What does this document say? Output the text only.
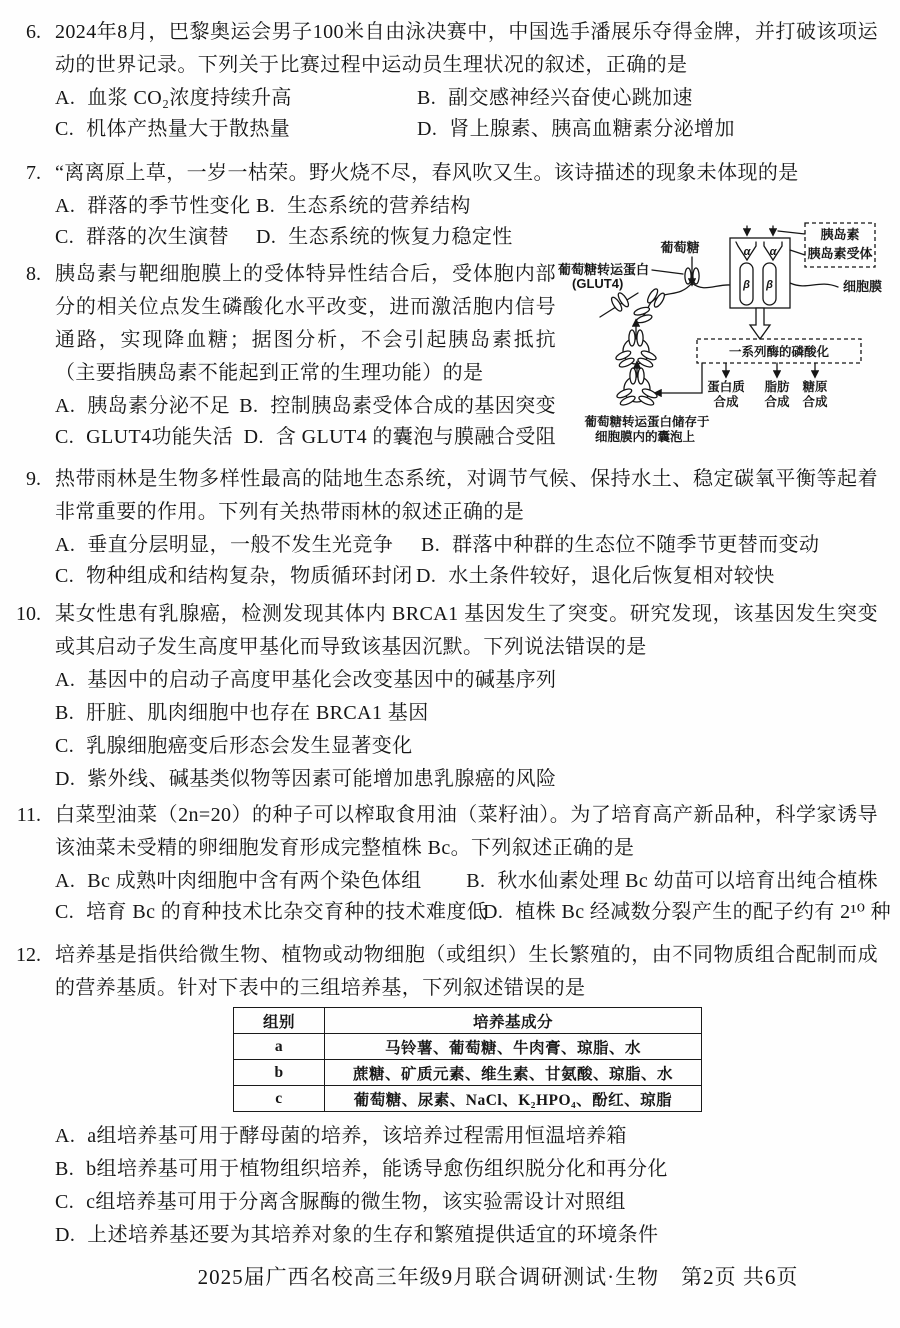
6. 2024年8月，巴黎奥运会男子100米自由泳决赛中，中国选手潘展乐夺得金牌，并打破该项运动的世界记录。下列关于比赛过程中运动员生理状况的叙述，正确的是
A. 血浆 CO₂浓度持续升高	B. 副交感神经兴奋使心跳加速
C. 机体产热量大于散热量	D. 肾上腺素、胰高血糖素分泌增加
7. “离离原上草，一岁一枯荣。野火烧不尽，春风吹又生。该诗描述的现象未体现的是
A. 群落的季节性变化 B. 生态系统的营养结构
C. 群落的次生演替 D. 生态系统的恢复力稳定性
8. 胰岛素与靶细胞膜上的受体特异性结合后，受体胞内部分的相关位点发生磷酸化水平改变，进而激活胞内信号通路，实现降血糖；据图分析，不会引起胰岛素抵抗（主要指胰岛素不能起到正常的生理功能）的是
A. 胰岛素分泌不足 B. 控制胰岛素受体合成的基因突变
C. GLUT4功能失活 D. 含 GLUT4 的囊泡与膜融合受阻
葡萄糖
葡萄糖转运蛋白
(GLUT4)
α α
β β
胰岛素
胰岛素受体
细胞膜
一系列酶的磷酸化
蛋白质
合成
脂肪
合成
糖原
合成
葡萄糖转运蛋白储存于
细胞膜内的囊泡上
9. 热带雨林是生物多样性最高的陆地生态系统，对调节气候、保持水土、稳定碳氧平衡等起着非常重要的作用。下列有关热带雨林的叙述正确的是
A. 垂直分层明显，一般不发生光竞争 B. 群落中种群的生态位不随季节更替而变动
C. 物种组成和结构复杂，物质循环封闭 D. 水土条件较好，退化后恢复相对较快
10. 某女性患有乳腺癌，检测发现其体内 BRCA1 基因发生了突变。研究发现，该基因发生突变或其启动子发生高度甲基化而导致该基因沉默。下列说法错误的是
A. 基因中的启动子高度甲基化会改变基因中的碱基序列
B. 肝脏、肌肉细胞中也存在 BRCA1 基因
C. 乳腺细胞癌变后形态会发生显著变化
D. 紫外线、碱基类似物等因素可能增加患乳腺癌的风险
11. 白菜型油菜（2n=20）的种子可以榨取食用油（菜籽油）。为了培育高产新品种，科学家诱导该油菜未受精的卵细胞发育形成完整植株 Bc。下列叙述正确的是
A. Bc 成熟叶肉细胞中含有两个染色体组 B. 秋水仙素处理 Bc 幼苗可以培育出纯合植株
C. 培育 Bc 的育种技术比杂交育种的技术难度低
D. 植株 Bc 经减数分裂产生的配子约有 2¹⁰ 种
12. 培养基是指供给微生物、植物或动物细胞（或组织）生长繁殖的，由不同物质组合配制而成的营养基质。针对下表中的三组培养基，下列叙述错误的是
组别	培养基成分
a	马铃薯、葡萄糖、牛肉膏、琼脂、水
b	蔗糖、矿质元素、维生素、甘氨酸、琼脂、水
c	葡萄糖、尿素、NaCl、K₂HPO₄、酚红、琼脂
A. a组培养基可用于酵母菌的培养，该培养过程需用恒温培养箱
B. b组培养基可用于植物组织培养，能诱导愈伤组织脱分化和再分化
C. c组培养基可用于分离含脲酶的微生物，该实验需设计对照组
D. 上述培养基还要为其培养对象的生存和繁殖提供适宜的环境条件
2025届广西名校高三年级9月联合调研测试·生物　第2页 共6页
